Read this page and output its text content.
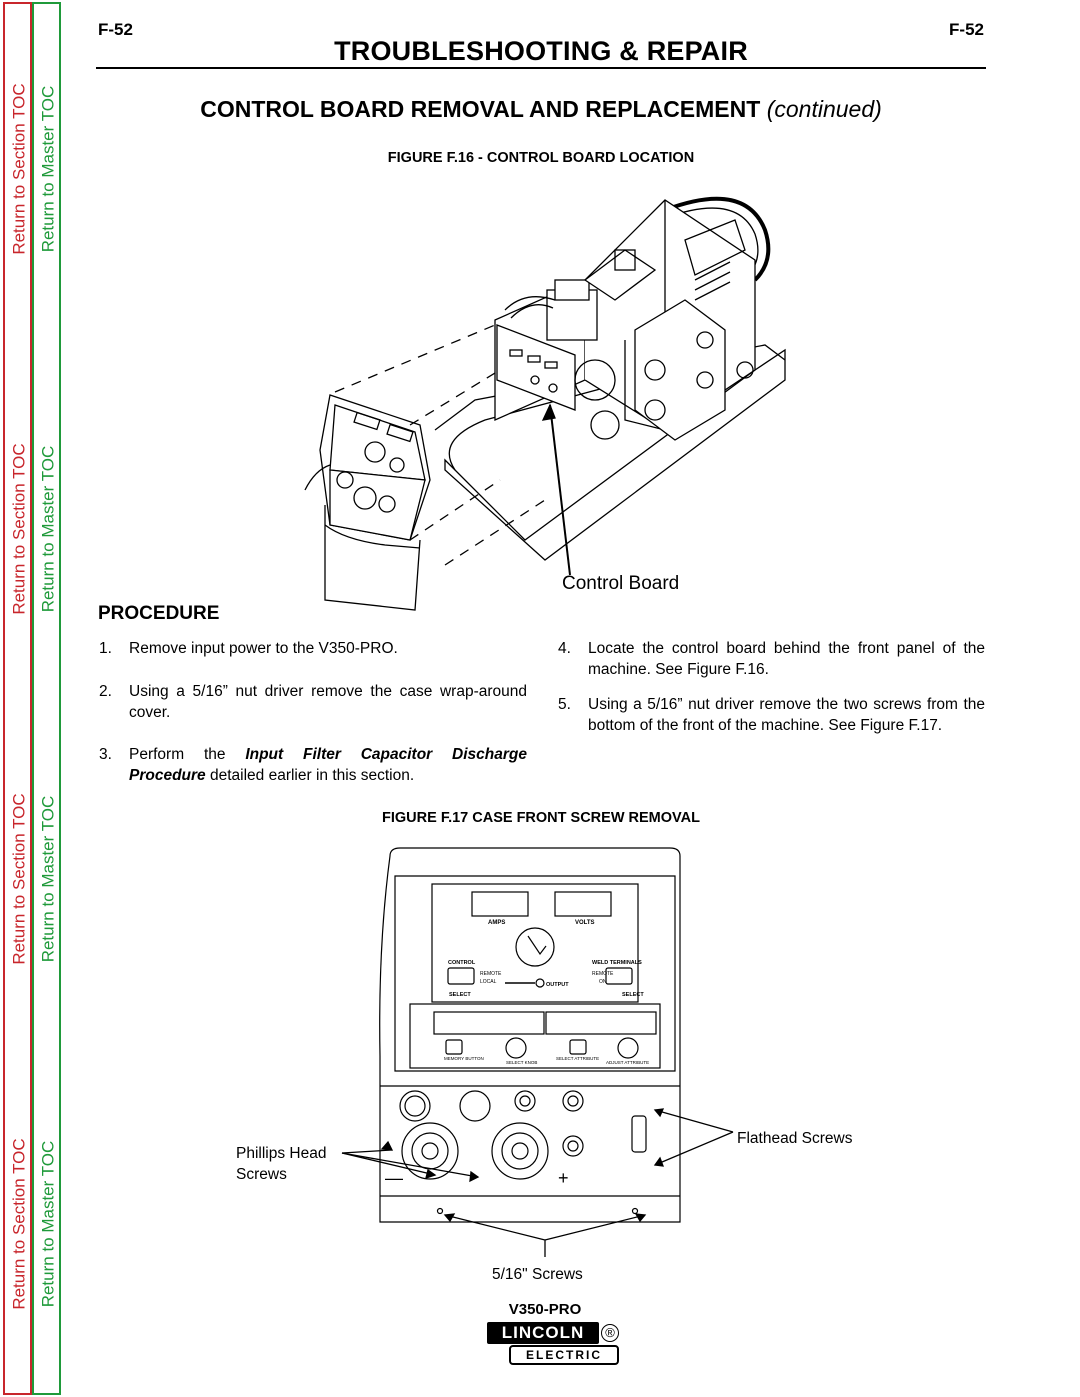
Return to Section TOC
Return to Section TOC
Return to Section TOC
Return to Section TOC
Return to Master TOC
Return to Master TOC
Return to Master TOC
Return to Master TOC
F-52	F-52
TROUBLESHOOTING & REPAIR
CONTROL BOARD REMOVAL AND REPLACEMENT (continued)
FIGURE F.16 - CONTROL BOARD LOCATION
Control Board
PROCEDURE
1.	Remove input power to the V350-PRO.
2.	Using a 5/16” nut driver remove the case wrap-around cover.
3.	Perform the Input Filter Capacitor Discharge Procedure detailed earlier in this section.
4.	Locate the control board behind the front panel of the machine. See Figure F.16.
5.	Using a 5/16” nut driver remove the two screws from the bottom of the front of the machine. See Figure F.17.
FIGURE F.17 CASE FRONT SCREW REMOVAL
AMPS	VOLTS
CONTROL	WELD TERMINALS
REMOTE
LOCAL
REMOTE
ON
OUTPUT
SELECT	SELECT
MEMORY BUTTON
SELECT KNOB
SELECT ATTRIBUTE
ADJUST ATTRIBUTE
—	+
Phillips Head
Screws
Flathead Screws
5/16" Screws
V350-PRO
LINCOLN	®
ELECTRIC
